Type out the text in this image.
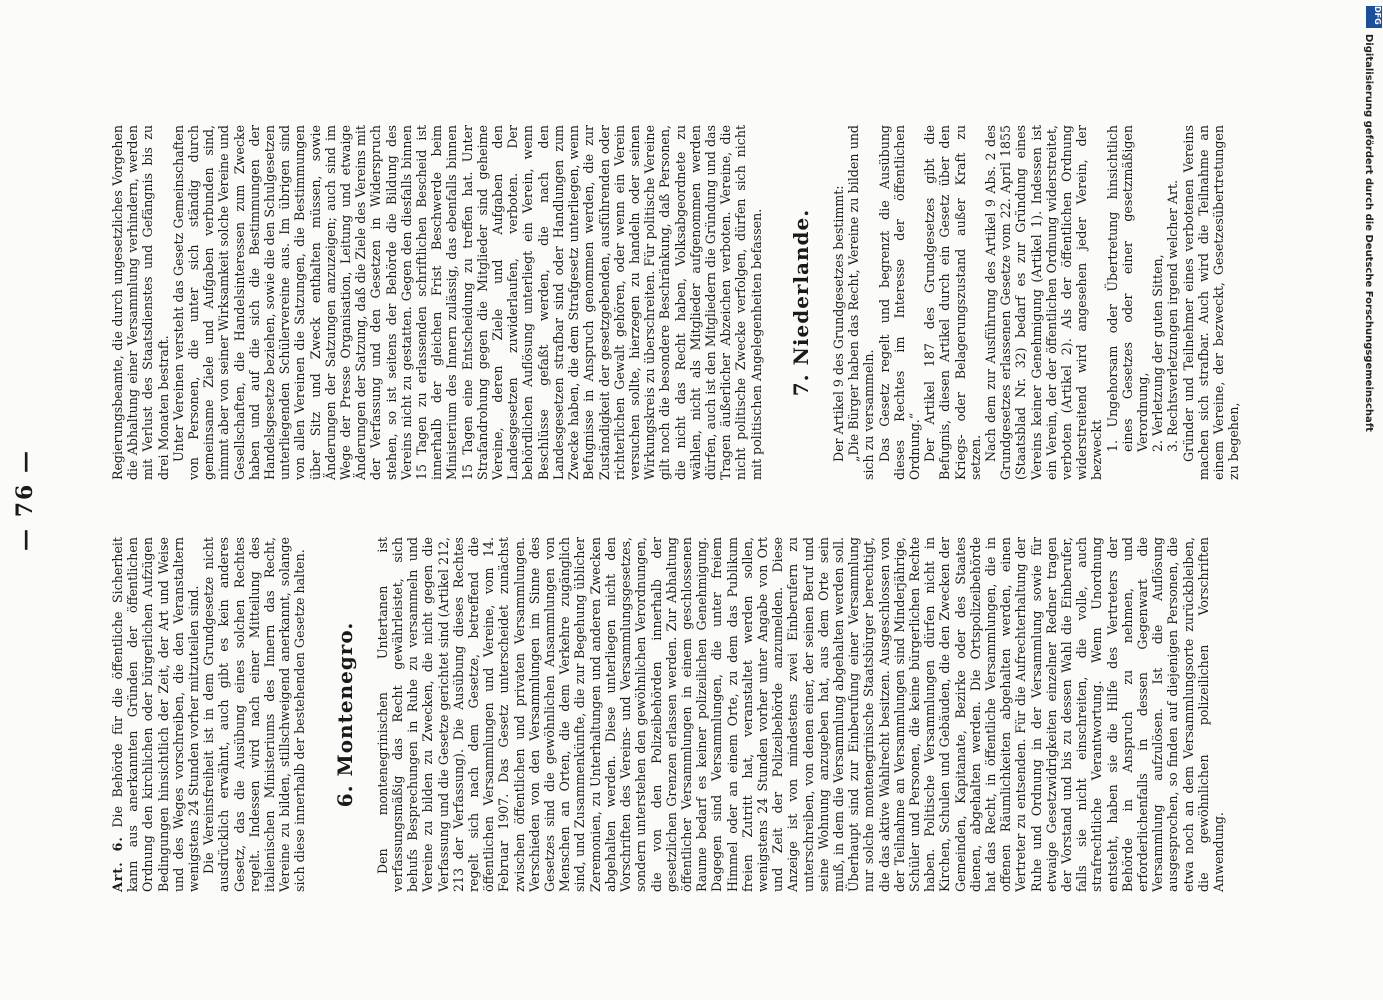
— 76 —

Art. 6. Die Behörde für die öffentliche Sicherheit kann aus anerkannten Gründen der öffentlichen Ordnung den kirchlichen oder bürgerlichen Aufzügen Bedingungen hinsichtlich der Zeit, der Art und Weise und des Weges vorschreiben, die den Veranstaltern wenigstens 24 Stunden vorher mitzuteilen sind. Die Vereinsfreiheit ist in dem Grundgesetze nicht ausdrücklich erwähnt, auch gibt es kein anderes Gesetz, das die Ausübung eines solchen Rechtes regelt. Indessen wird nach einer Mitteilung des italienischen Ministeriums des Innern das Recht, Vereine zu bilden, stillschweigend anerkannt, solange sich diese innerhalb der bestehenden Gesetze halten. 6. Montenegro. Den montenegrinischen Untertanen ist verfassungsmäßig das Recht gewährleistet, sich behufs Besprechungen in Ruhe zu versammeln und Vereine zu bilden zu Zwecken, die nicht gegen die Verfassung und die Gesetze gerichtet sind (Artikel 212, 213 der Verfassung). Die Ausübung dieses Rechtes regelt sich nach dem Gesetze, betreffend die öffentlichen Versammlungen und Vereine, vom 14. Februar 1907. Das Gesetz unterscheidet zunächst zwischen öffentlichen und privaten Versammlungen. Verschieden von den Versammlungen im Sinne des Gesetzes sind die gewöhnlichen Ansammlungen von Menschen an Orten, die dem Verkehre zugänglich sind, und Zusammenkünfte, die zur Begehung üblicher Zeremonien, zu Unterhaltungen und anderen Zwecken abgehalten werden. Diese unterliegen nicht den Vorschriften des Vereins- und Versammlungsgesetzes, sondern unterstehen den gewöhnlichen Verordnungen, die von den Polizeibehörden innerhalb der gesetzlichen Grenzen erlassen werden. Zur Abhaltung öffentlicher Versammlungen in einem geschlossenen Raume bedarf es keiner polizeilichen Genehmigung. Dagegen sind Versammlungen, die unter freiem Himmel oder an einem Orte, zu dem das Publikum freien Zutritt hat, veranstaltet werden sollen, wenigstens 24 Stunden vorher unter Angabe von Ort und Zeit der Polizeibehörde anzumelden. Diese Anzeige ist von mindestens zwei Einberufern zu unterschreiben, von denen einer, der seinen Beruf und seine Wohnung anzugeben hat, aus dem Orte sein muß, in dem die Versammlung abgehalten werden soll. Überhaupt sind zur Einberufung einer Versammlung nur solche montenegrinische Staatsbürger berechtigt, die das aktive Wahlrecht besitzen. Ausgeschlossen von der Teilnahme an Versammlungen sind Minderjährige, Schüler und Personen, die keine bürgerlichen Rechte haben. Politische Versammlungen dürfen nicht in Kirchen, Schulen und Gebäuden, die den Zwecken der Gemeinden, Kapitanate, Bezirke oder des Staates dienen, abgehalten werden. Die Ortspolizeibehörde hat das Recht, in öffentliche Versammlungen, die in offenen Räumlichkeiten abgehalten werden, einen Vertreter zu entsenden. Für die Aufrechterhaltung der Ruhe und Ordnung in der Versammlung sowie für etwaige Gesetzwidrigkeiten einzelner Redner tragen der Vorstand und bis zu dessen Wahl die Einberufer, falls sie nicht einschreiten, die volle, auch strafrechtliche Verantwortung. Wenn Unordnung entsteht, haben sie die Hilfe des Vertreters der Behörde in Anspruch zu nehmen, und erforderlichenfalls in dessen Gegenwart die Versammlung aufzulösen. Ist die Auflösung ausgesprochen, so finden auf diejenigen Personen, die etwa noch an dem Versammlungsorte zurückbleiben, die gewöhnlichen polizeilichen Vorschriften Anwendung.

Regierungsbeamte, die durch ungesetzliches Vorgehen die Abhaltung einer Versammlung verhindern, werden mit Verlust des Staatsdienstes und Gefängnis bis zu drei Monaten bestraft. Unter Vereinen versteht das Gesetz Gemeinschaften von Personen, die unter sich ständig durch gemeinsame Ziele und Aufgaben verbunden sind, nimmt aber von seiner Wirksamkeit solche Vereine und Gesellschaften, die Handelsinteressen zum Zwecke haben und auf die sich die Bestimmungen der Handelsgesetze beziehen, sowie die den Schulgesetzen unterliegenden Schülervereine aus. Im übrigen sind von allen Vereinen die Satzungen, die Bestimmungen über Sitz und Zweck enthalten müssen, sowie Änderungen der Satzungen anzuzeigen; auch sind im Wege der Presse Organisation, Leitung und etwaige Änderungen der Satzung, daß die Ziele des Vereins mit der Verfassung und den Gesetzen in Widerspruch stehen, so ist seitens der Behörde die Bildung des Vereins nicht zu gestatten. Gegen den diesfalls binnen 15 Tagen zu erlassenden schriftlichen Bescheid ist innerhalb der gleichen Frist Beschwerde beim Ministerium des Innern zulässig, das ebenfalls binnen 15 Tagen eine Entscheidung zu treffen hat. Unter Strafandrohung gegen die Mitglieder sind geheime Vereine, deren Ziele und Aufgaben den Landesgesetzen zuwiderlaufen, verboten. Der behördlichen Auflösung unterliegt ein Verein, wenn Beschlüsse gefaßt werden, die nach den Landesgesetzen strafbar sind oder Handlungen zum Zwecke haben, die dem Strafgesetz unterliegen, wenn Befugnisse in Anspruch genommen werden, die zur Zuständigkeit der gesetzgebenden, ausführenden oder richterlichen Gewalt gehören, oder wenn ein Verein versuchen sollte, hierzegen zu handeln oder seinen Wirkungskreis zu überschreiten. Für politische Vereine gilt noch die besondere Beschränkung, daß Personen, die nicht das Recht haben, Volksabgeordnete zu wählen, nicht als Mitglieder aufgenommen werden dürfen, auch ist den Mitgliedern die Gründung und das Tragen äußerlicher Abzeichen verboten. Vereine, die nicht politische Zwecke verfolgen, dürfen sich nicht mit politischen Angelegenheiten befassen. 7. Niederlande. Der Artikel 9 des Grundgesetzes bestimmt: „Die Bürger haben das Recht, Vereine zu bilden und sich zu versammeln. Das Gesetz regelt und begrenzt die Ausübung dieses Rechtes im Interesse der öffentlichen Ordnung.“ Der Artikel 187 des Grundgesetzes gibt die Befugnis, diesen Artikel durch ein Gesetz über den Kriegs- oder Belagerungszustand außer Kraft zu setzen. Nach dem zur Ausführung des Artikel 9 Abs. 2 des Grundgesetzes erlassenen Gesetze vom 22. April 1855 (Staatsblad Nr. 32) bedarf es zur Gründung eines Vereins keiner Genehmigung (Artikel 1). Indessen ist ein Verein, der der öffentlichen Ordnung widerstreitet, verboten (Artikel 2). Als der öffentlichen Ordnung widerstreitend wird angesehen jeder Verein, der bezweckt 1. Ungehorsam oder Übertretung hinsichtlich eines Gesetzes oder einer gesetzmäßigen Verordnung, 2. Verletzung der guten Sitten, 3. Rechtsverletzungen irgend welcher Art. Gründer und Teilnehmer eines verbotenen Vereins machen sich strafbar. Auch wird die Teilnahme an einem Vereine, der bezweckt, Gesetzesübertretungen zu begehen,

DFG
Digitalisierung gefördert durch die Deutsche Forschungsgemeinschaft
